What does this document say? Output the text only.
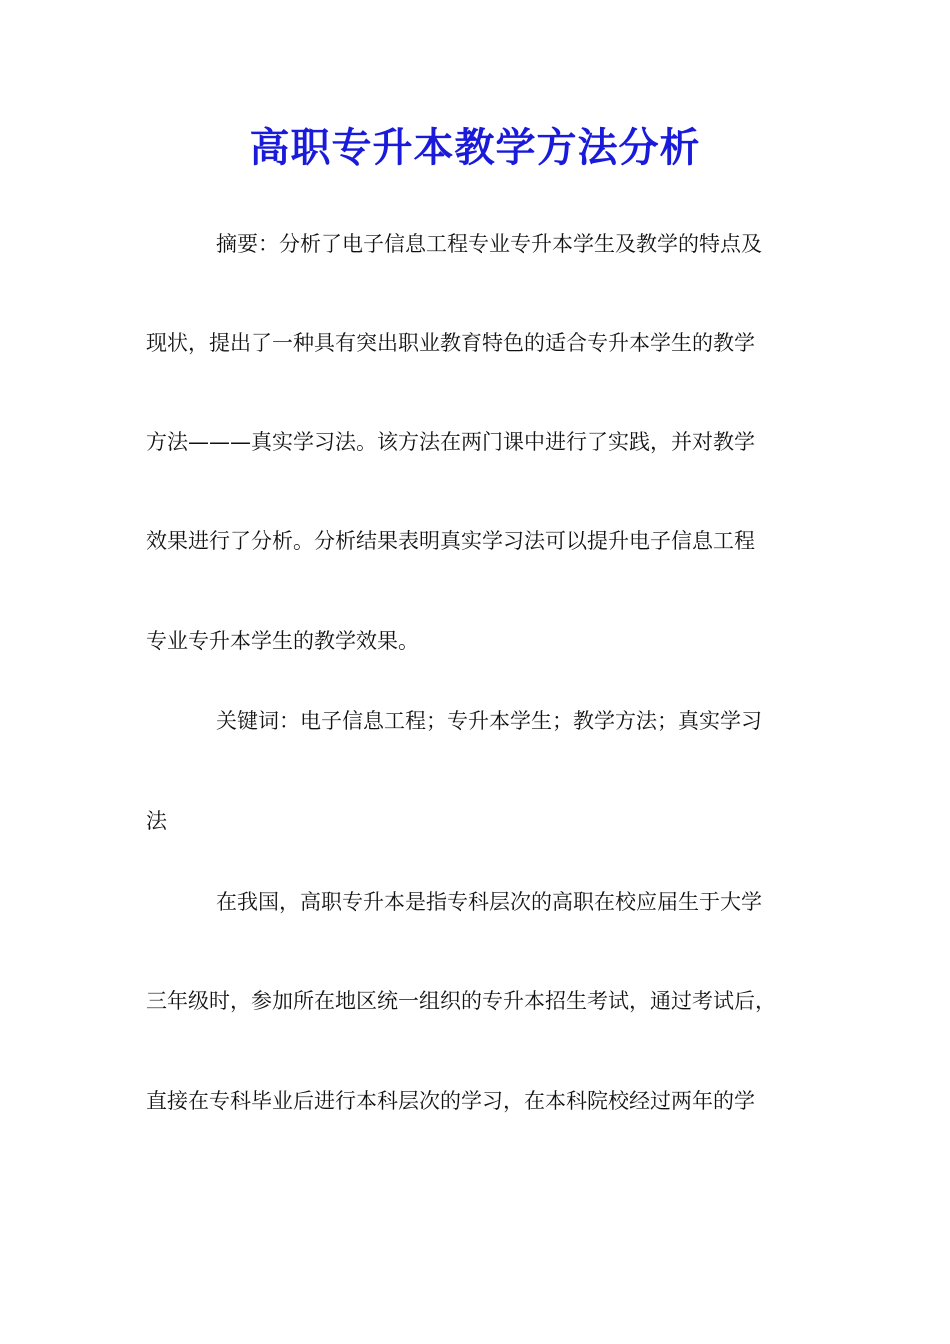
高职专升本教学方法分析
摘要：分析了电子信息工程专业专升本学生及教学的特点及
现状，提出了一种具有突出职业教育特色的适合专升本学生的教学
方法———真实学习法。该方法在两门课中进行了实践，并对教学
效果进行了分析。分析结果表明真实学习法可以提升电子信息工程
专业专升本学生的教学效果。
关键词：电子信息工程；专升本学生；教学方法；真实学习
法
在我国，高职专升本是指专科层次的高职在校应届生于大学
三年级时，参加所在地区统一组织的专升本招生考试，通过考试后，
直接在专科毕业后进行本科层次的学习，在本科院校经过两年的学
